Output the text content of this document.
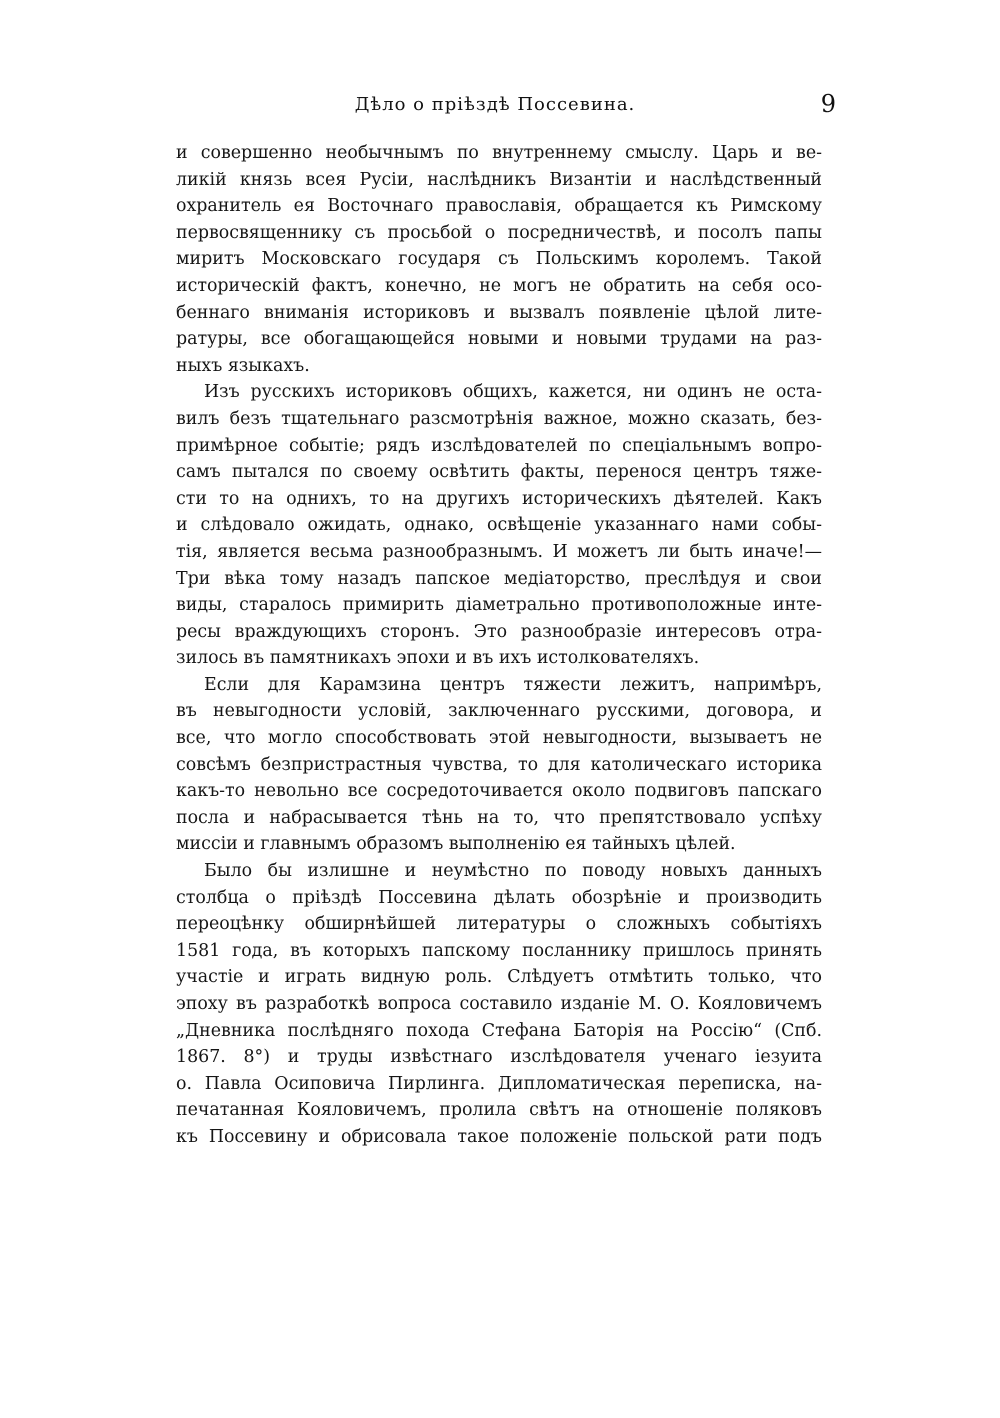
Дѣло о пріѣздѣ Поссевина.	9
и совершенно необычнымъ по внутреннему смыслу. Царь и ве-
ликій князь всея Русіи, наслѣдникъ Византіи и наслѣдственный
охранитель ея Восточнаго православія, обращается къ Римскому
первосвященнику съ просьбой о посредничествѣ, и посолъ папы
миритъ Московскаго государя съ Польскимъ королемъ. Такой
историческій фактъ, конечно, не могъ не обратить на себя осо-
беннаго вниманія историковъ и вызвалъ появленіе цѣлой лите-
ратуры, все обогащающейся новыми и новыми трудами на раз-
ныхъ языкахъ.
Изъ русскихъ историковъ общихъ, кажется, ни одинъ не оста-
вилъ безъ тщательнаго разсмотрѣнія важное, можно сказать, без-
примѣрное событіе; рядъ изслѣдователей по спеціальнымъ вопро-
самъ пытался по своему освѣтить факты, перенося центръ тяже-
сти то на однихъ, то на другихъ историческихъ дѣятелей. Какъ
и слѣдовало ожидать, однако, освѣщеніе указаннаго нами собы-
тія, является весьма разнообразнымъ. И можетъ ли быть иначе!—
Три вѣка тому назадъ папское медіаторство, преслѣдуя и свои
виды, старалось примирить діаметрально противоположные инте-
ресы враждующихъ сторонъ. Это разнообразіе интересовъ отра-
зилось въ памятникахъ эпохи и въ ихъ истолкователяхъ.
Если для Карамзина центръ тяжести лежитъ, напримѣръ,
въ невыгодности условій, заключеннаго русскими, договора, и
все, что могло способствовать этой невыгодности, вызываетъ не
совсѣмъ безпристрастныя чувства, то для католическаго историка
какъ-то невольно все сосредоточивается около подвиговъ папскаго
посла и набрасывается тѣнь на то, что препятствовало успѣху
миссіи и главнымъ образомъ выполненію ея тайныхъ цѣлей.
Было бы излишне и неумѣстно по поводу новыхъ данныхъ
столбца о пріѣздѣ Поссевина дѣлать обозрѣніе и производить
переоцѣнку обширнѣйшей литературы о сложныхъ событіяхъ
1581 года, въ которыхъ папскому посланнику пришлось принять
участіе и играть видную роль. Слѣдуетъ отмѣтить только, что
эпоху въ разработкѣ вопроса составило изданіе М. О. Кояловичемъ
„Дневника послѣдняго похода Стефана Баторія на Россію“ (Спб.
1867. 8°) и труды извѣстнаго изслѣдователя ученаго іезуита
о. Павла Осиповича Пирлинга. Дипломатическая переписка, на-
печатанная Кояловичемъ, пролила свѣтъ на отношеніе поляковъ
къ Поссевину и обрисовала такое положеніе польской рати подъ
